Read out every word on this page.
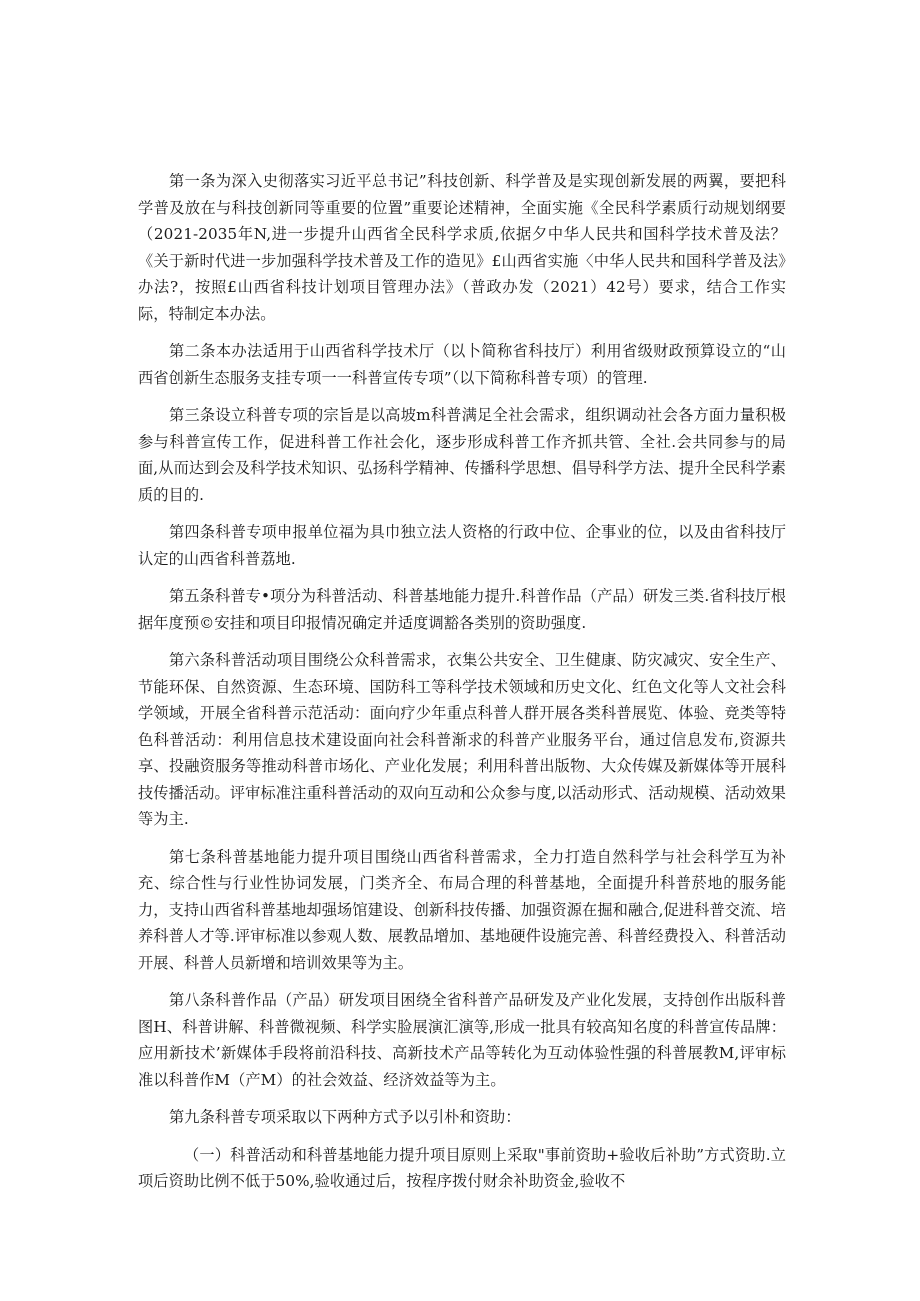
第一条为深入史彻落实习近平总书记”科技创新、科学普及是实现创新发展的两翼，要把科学普及放在与科技创新同等重要的位置”重要论述精神，全面实施《全民科学素质行动规划纲要（2021-2035年N,进一步提升山西省全民科学求质,依据夕中华人民共和国科学技术普及法？《关于新时代进一步加强科学技术普及工作的造见》£山西省实施〈中华人民共和国科学普及法》办法?，按照£山西省科技计划项目管理办法》（普政办发（2021）42号）要求，结合工作实际，特制定本办法。

第二条本办法适用于山西省科学技术厅（以卜简称省科技厅）利用省级财政预算设立的“山西省创新生态服务支挂专项一一科普宣传专项”（以下简称科普专项）的管理.

第三条设立科普专项的宗旨是以高坡m科普满足全社会需求，组织调动社会各方面力量积极参与科普宣传工作，促进科普工作社会化，逐步形成科普工作齐抓共管、全社.会共同参与的局面,从而达到会及科学技术知识、弘扬科学精神、传播科学思想、倡导科学方法、提升全民科学素质的目的.

第四条科普专项申报单位福为具巾独立法人资格的行政中位、企事业的位，以及由省科技厅认定的山西省科普荔地.

第五条科普专•项分为科普活动、科普基地能力提升.科普作品（产品）研发三类.省科技厅根据年度预©安挂和项目印报情况确定并适度调豁各类别的资助强度.

第六条科普活动项目围绕公众科普需求，衣集公共安全、卫生健康、防灾减灾、安全生产、节能环保、自然资源、生态环境、国防科工等科学技术领域和历史文化、红色文化等人文社会科学领域，开展全省科普示范活动：面向疗少年重点科普人群开展各类科普展览、体验、竞类等特色科普活动：利用信息技术建设面向社会科普渐求的科普产业服务平台，通过信息发布,资源共享、投融资服务等推动科普市场化、产业化发展；利用科普出版物、大众传媒及新媒体等开展科技传播活动。评审标准注重科普活动的双向互动和公众参与度,以活动形式、活动规模、活动效果等为主.

第七条科普基地能力提升项目围绕山西省科普需求，全力打造自然科学与社会科学互为补充、综合性与行业性协词发展，门类齐全、布局合理的科普基地，全面提升科普菸地的服务能力，支持山西省科普基地却强场馆建设、创新科技传播、加强资源在掘和融合,促进科普交流、培养科普人才等.评审标准以参观人数、展教品增加、基地硬件设施完善、科普经费投入、科普活动开展、科普人员新增和培训效果等为主。

第八条科普作品（产品）研发项目困绕全省科普产品研发及产业化发展，支持创作出版科普图H、科普讲解、科普微视频、科学实脸展演汇演等,形成一批具有较高知名度的科普宣传品牌：应用新技术’新媒体手段将前沿科技、高新技术产品等转化为互动体验性强的科普展教M,评审标准以科普作M（产M）的社会效益、经济效益等为主。

第九条科普专项采取以下两种方式予以引朴和资助：

（一）科普活动和科普基地能力提升项目原则上采取"事前资助+验收后补助”方式资助.立项后资助比例不低于50%,验收通过后，按程序拨付财余补助资金,验收不
